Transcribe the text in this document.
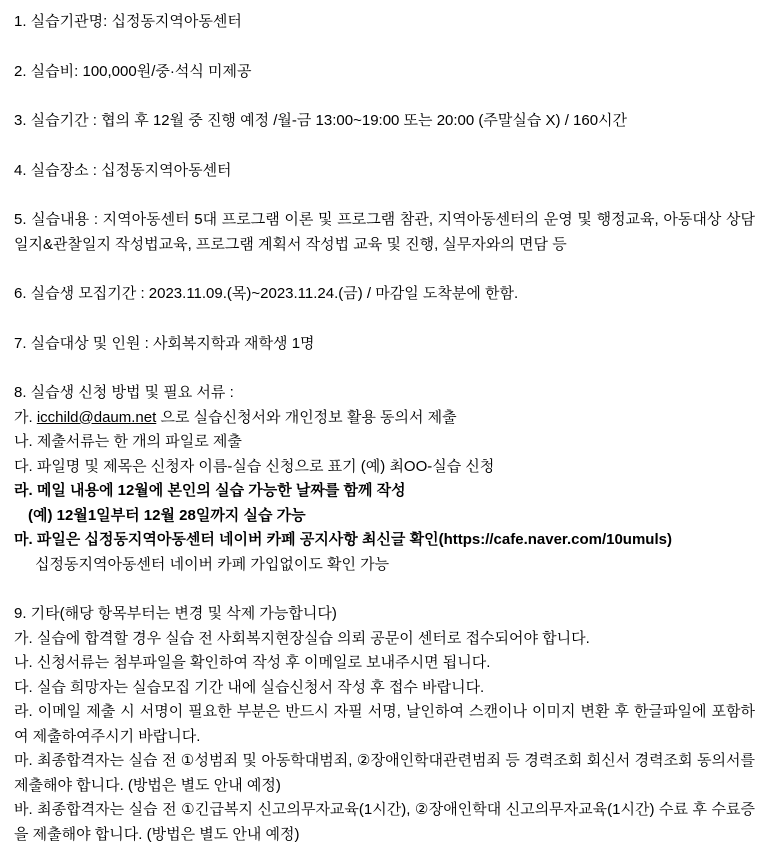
1. 실습기관명: 십정동지역아동센터

2. 실습비: 100,000원/중·석식 미제공

3. 실습기간 : 협의 후 12월 중 진행 예정 /월-금 13:00~19:00 또는 20:00 (주말실습 X) / 160시간

4. 실습장소 : 십정동지역아동센터

5. 실습내용 : 지역아동센터 5대 프로그램 이론 및 프로그램 참관, 지역아동센터의 운영 및 행정교육, 아동대상 상담일지&관찰일지 작성법교육, 프로그램 계획서 작성법 교육 및 진행, 실무자와의 면담 등

6. 실습생 모집기간 : 2023.11.09.(목)~2023.11.24.(금) / 마감일 도착분에 한함.

7. 실습대상 및 인원 : 사회복지학과 재학생 1명

8. 실습생 신청 방법 및 필요 서류 :
가. icchild@daum.net 으로 실습신청서와 개인정보 활용 동의서 제출
나. 제출서류는 한 개의 파일로 제출
다. 파일명 및 제목은 신청자 이름-실습 신청으로 표기 (예) 최OO-실습 신청
라. 메일 내용에 12월에 본인의 실습 가능한 날짜를 함께 작성
(예) 12월1일부터 12월 28일까지 실습 가능
마. 파일은 십정동지역아동센터 네이버 카페 공지사항 최신글 확인(https://cafe.naver.com/10umuls)
십정동지역아동센터 네이버 카페 가입없이도 확인 가능
9. 기타(해당 항목부터는 변경 및 삭제 가능합니다)
가. 실습에 합격할 경우 실습 전 사회복지현장실습 의뢰 공문이 센터로 접수되어야 합니다.
나. 신청서류는 첨부파일을 확인하여 작성 후 이메일로 보내주시면 됩니다.
다. 실습 희망자는 실습모집 기간 내에 실습신청서 작성 후 접수 바랍니다.
라. 이메일 제출 시 서명이 필요한 부분은 반드시 자필 서명, 날인하여 스캔이나 이미지 변환 후 한글파일에 포함하여 제출하여주시기 바랍니다.
마. 최종합격자는 실습 전 ①성범죄 및 아동학대범죄, ②장애인학대관련범죄 등 경력조회 회신서 경력조회 동의서를 제출해야 합니다. (방법은 별도 안내 예정)
바. 최종합격자는 실습 전 ①긴급복지 신고의무자교육(1시간), ②장애인학대 신고의무자교육(1시간) 수료 후 수료증을 제출해야 합니다. (방법은 별도 안내 예정)
